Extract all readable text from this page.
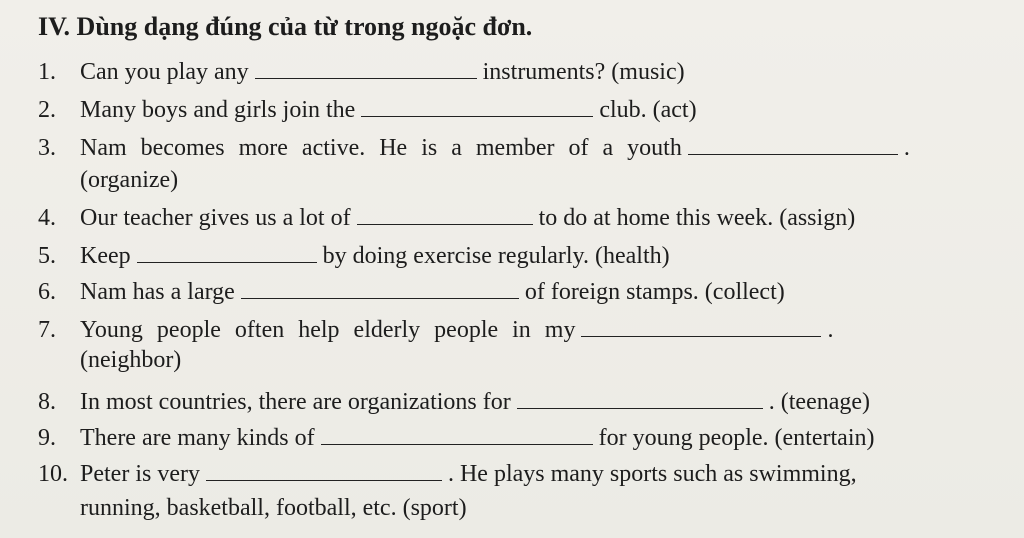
IV. Dùng dạng đúng của từ trong ngoặc đơn.
1. Can you play any	instruments? (music)
2. Many boys and girls join the	club. (act)
3. Nam becomes more active. He is a member of a youth	.
(organize)
4. Our teacher gives us a lot of	to do at home this week. (assign)
5. Keep	by doing exercise regularly. (health)
6. Nam has a large	of foreign stamps. (collect)
7. Young people often help elderly people in my	.
(neighbor)
8. In most countries, there are organizations for	. (teenage)
9. There are many kinds of	for young people. (entertain)
10. Peter is very	. He plays many sports such as swimming,
running, basketball, football, etc. (sport)
